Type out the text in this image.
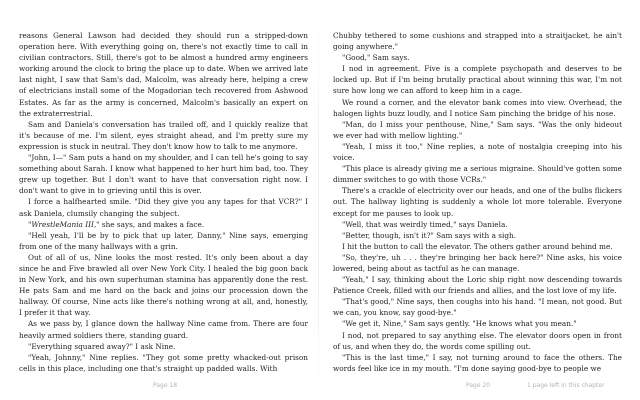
reasons General Lawson had decided they should run a stripped-down operation here. With everything going on, there's not exactly time to call in civilian contractors. Still, there's got to be almost a hundred army engineers working around the clock to bring the place up to date. When we arrived late last night, I saw that Sam's dad, Malcolm, was already here, helping a crew of electricians install some of the Mogadorian tech recovered from Ashwood Estates. As far as the army is concerned, Malcolm's basically an expert on the extraterrestrial.

Sam and Daniela's conversation has trailed off, and I quickly realize that it's because of me. I'm silent, eyes straight ahead, and I'm pretty sure my expression is stuck in neutral. They don't know how to talk to me anymore.

"John, I—" Sam puts a hand on my shoulder, and I can tell he's going to say something about Sarah. I know what happened to her hurt him bad, too. They grew up together. But I don't want to have that conversation right now. I don't want to give in to grieving until this is over.

I force a halfhearted smile. "Did they give you any tapes for that VCR?" I ask Daniela, clumsily changing the subject.

"WrestleMania III," she says, and makes a face.

"Hell yeah, I'll be by to pick that up later, Danny," Nine says, emerging from one of the many hallways with a grin.

Out of all of us, Nine looks the most rested. It's only been about a day since he and Five brawled all over New York City. I healed the big goon back in New York, and his own superhuman stamina has apparently done the rest. He pats Sam and me hard on the back and joins our procession down the hallway. Of course, Nine acts like there's nothing wrong at all, and, honestly, I prefer it that way.

As we pass by, I glance down the hallway Nine came from. There are four heavily armed soldiers there, standing guard.

"Everything squared away?" I ask Nine.

"Yeah, Johnny," Nine replies. "They got some pretty whacked-out prison cells in this place, including one that's straight up padded walls. With

Chubby tethered to some cushions and strapped into a straitjacket, he ain't going anywhere."

"Good," Sam says.

I nod in agreement. Five is a complete psychopath and deserves to be locked up. But if I'm being brutally practical about winning this war, I'm not sure how long we can afford to keep him in a cage.

We round a corner, and the elevator bank comes into view. Overhead, the halogen lights buzz loudly, and I notice Sam pinching the bridge of his nose.

"Man, do I miss your penthouse, Nine," Sam says. "Was the only hideout we ever had with mellow lighting."

"Yeah, I miss it too," Nine replies, a note of nostalgia creeping into his voice.

"This place is already giving me a serious migraine. Should've gotten some dimmer switches to go with those VCRs."

There's a crackle of electricity over our heads, and one of the bulbs flickers out. The hallway lighting is suddenly a whole lot more tolerable. Everyone except for me pauses to look up.

"Well, that was weirdly timed," says Daniela.

"Better, though, isn't it?" Sam says with a sigh.

I hit the button to call the elevator. The others gather around behind me.

"So, they're, uh . . . they're bringing her back here?" Nine asks, his voice lowered, being about as tactful as he can manage.

"Yeah," I say, thinking about the Loric ship right now descending towards Patience Creek, filled with our friends and allies, and the lost love of my life.

"That's good," Nine says, then coughs into his hand. "I mean, not good. But we can, you know, say good-bye."

"We get it, Nine," Sam says gently. "He knows what you mean."

I nod, not prepared to say anything else. The elevator doors open in front of us, and when they do, the words come spilling out.

"This is the last time," I say, not turning around to face the others. The words feel like ice in my mouth. "I'm done saying good-bye to people we

Page 18	Page 20	1 page left in this chapter
